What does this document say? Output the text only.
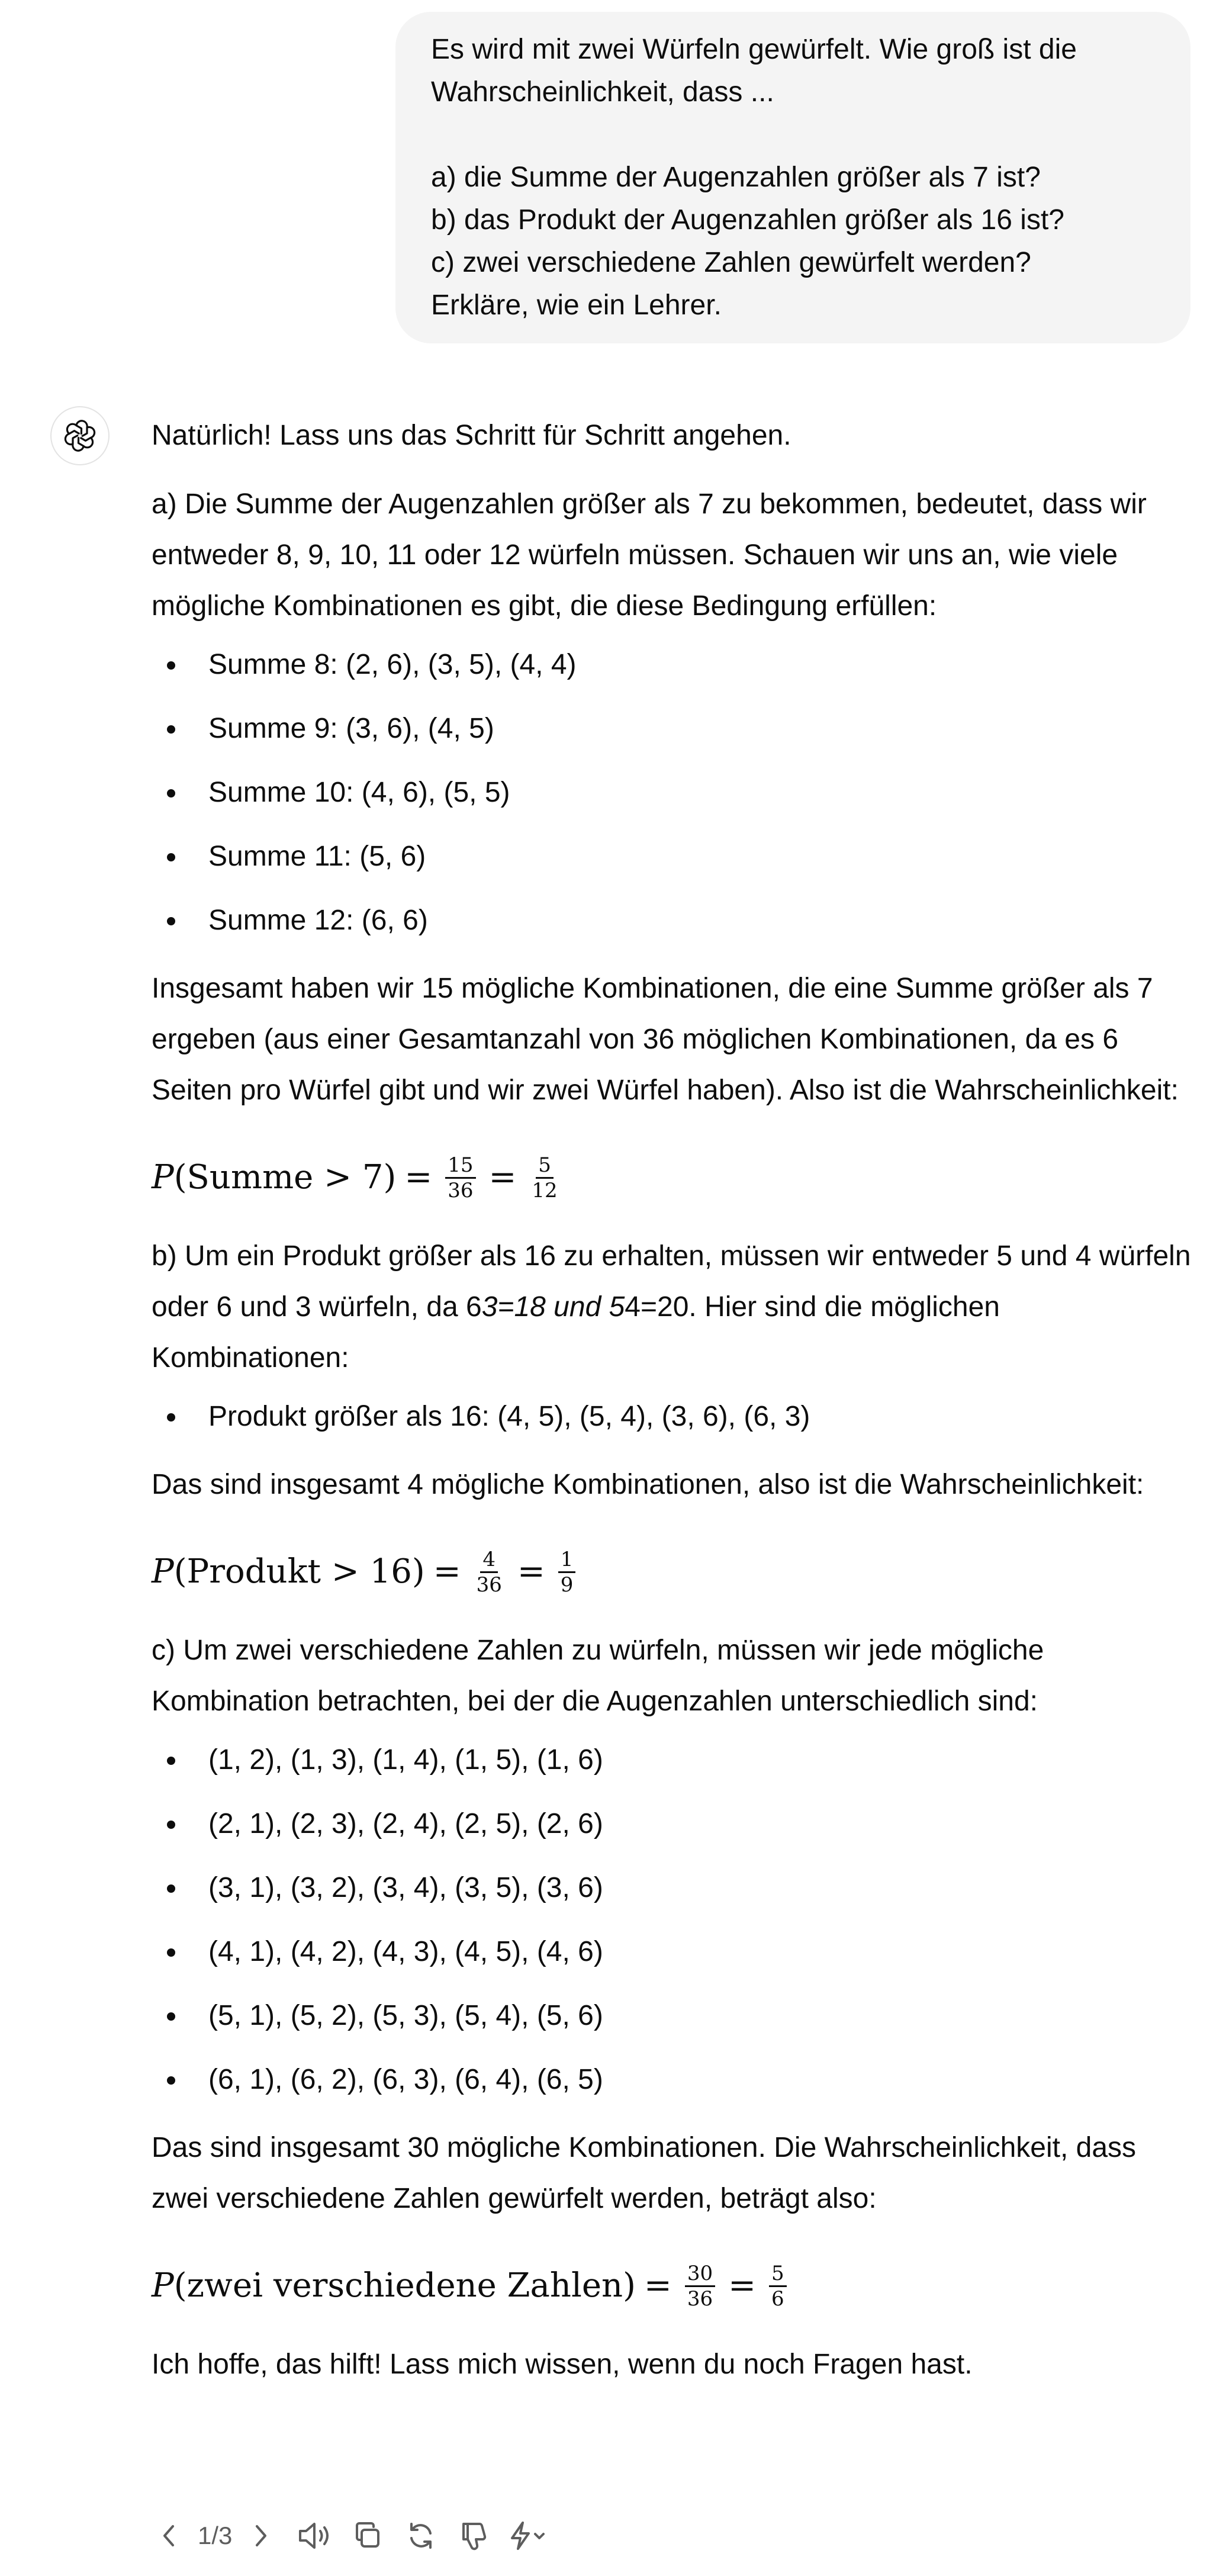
Es wird mit zwei Würfeln gewürfelt. Wie groß ist die
Wahrscheinlichkeit, dass ...
a) die Summe der Augenzahlen größer als 7 ist?
b) das Produkt der Augenzahlen größer als 16 ist?
c) zwei verschiedene Zahlen gewürfelt werden?
Erkläre, wie ein Lehrer.

Natürlich! Lass uns das Schritt für Schritt angehen.

a) Die Summe der Augenzahlen größer als 7 zu bekommen, bedeutet, dass wir entweder 8, 9, 10, 11 oder 12 würfeln müssen. Schauen wir uns an, wie viele mögliche Kombinationen es gibt, die diese Bedingung erfüllen:

Summe 8: (2, 6), (3, 5), (4, 4)
Summe 9: (3, 6), (4, 5)
Summe 10: (4, 6), (5, 5)
Summe 11: (5, 6)
Summe 12: (6, 6)

Insgesamt haben wir 15 mögliche Kombinationen, die eine Summe größer als 7 ergeben (aus einer Gesamtanzahl von 36 möglichen Kombinationen, da es 6 Seiten pro Würfel gibt und wir zwei Würfel haben). Also ist die Wahrscheinlichkeit:

P (Summe > $7) = \frac{15}{36} = \frac{5}{12}$

b) Um ein Produkt größer als 16 zu erhalten, müssen wir entweder 5 und 4 würfeln oder 6 und 3 würfeln, da 63=18 und 54=20. Hier sind die möglichen Kombinationen:

Produkt größer als 16: (4, 5), (5, 4), (3, 6), (6, 3)

Das sind insgesamt 4 mögliche Kombinationen, also ist die Wahrscheinlichkeit:

P (Produkt > $16) = \frac{4}{36} = \frac{1}{9}$

c) Um zwei verschiedene Zahlen zu würfeln, müssen wir jede mögliche Kombination betrachten, bei der die Augenzahlen unterschiedlich sind:

(1, 2), (1, 3), (1, 4), (1, 5), (1, 6)
(2, 1), (2, 3), (2, 4), (2, 5), (2, 6)
(3, 1), (3, 2), (3, 4), (3, 5), (3, 6)
(4, 1), (4, 2), (4, 3), (4, 5), (4, 6)
(5, 1), (5, 2), (5, 3), (5, 4), (5, 6)
(6, 1), (6, 2), (6, 3), (6, 4), (6, 5)

Das sind insgesamt 30 mögliche Kombinationen. Die Wahrscheinlichkeit, dass zwei verschiedene Zahlen gewürfelt werden, beträgt also:

P (zwei verschiedene Zahlen) = $\frac{30}{36} = \frac{5}{6}$

Ich hoffe, das hilft! Lass mich wissen, wenn du noch Fragen hast.

1/3
